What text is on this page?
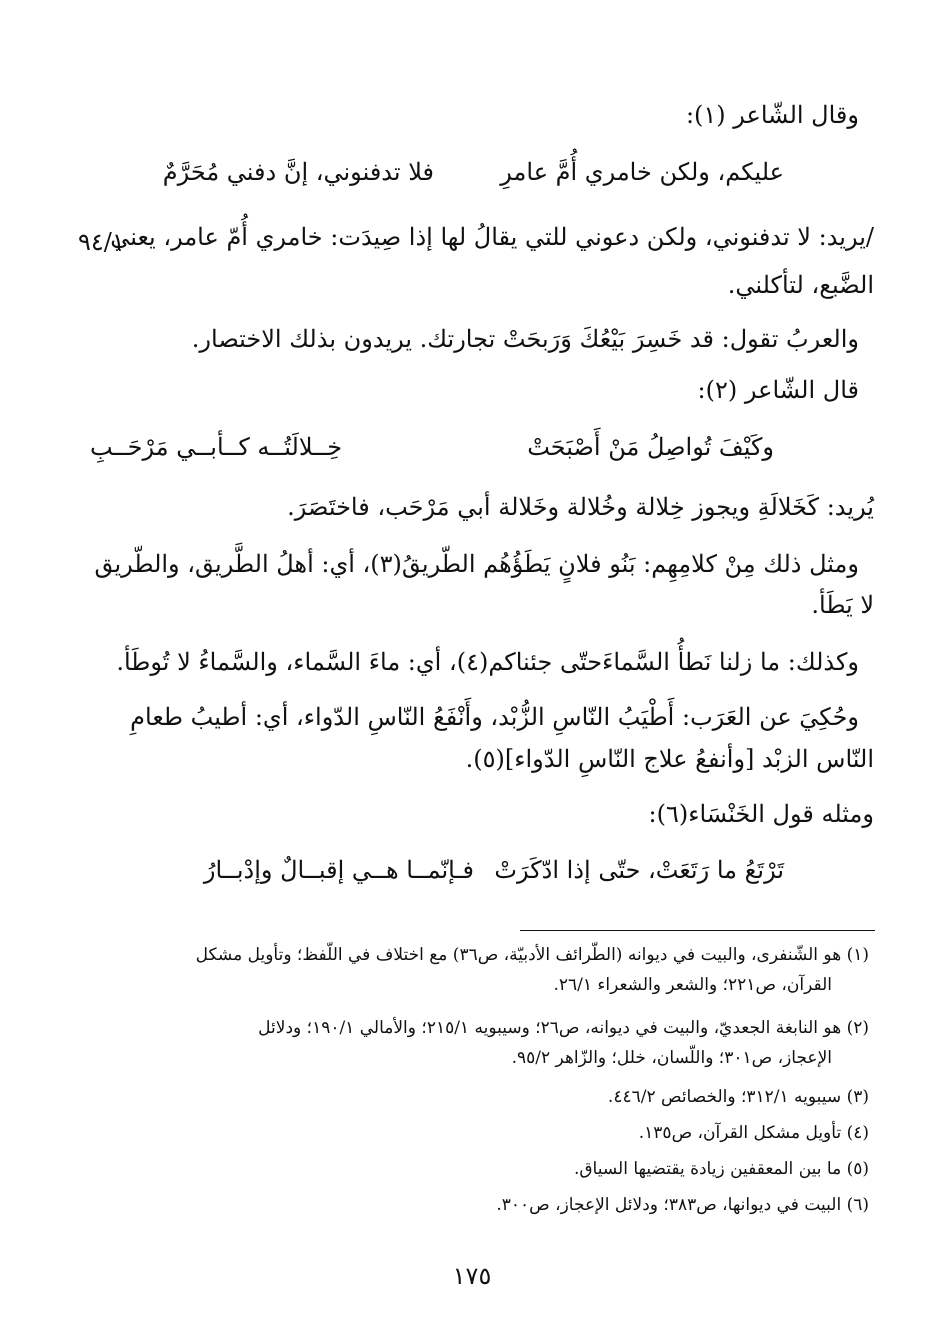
وقال الشّاعر (١):
فلا تدفنوني، إنَّ دفني مُحَرَّمٌ	عليكم، ولكن خامري أُمَّ عامرِ
/يريد: لا تدفنوني، ولكن دعوني للتي يقالُ لها إذا صِيدَت: خامري أُمّ عامر، يعني
٩٤/١
الضَّبع، لتأكلني.
والعربُ تقول: قد خَسِرَ بَيْعُكَ وَرَبحَتْ تجارتك. يريدون بذلك الاختصار.
قال الشّاعر (٢):
وكَيْفَ تُواصِلُ مَنْ أَصْبَحَتْ
خِــلالَتُــه كــأبــي مَرْحَــبِ
يُريد: كَخَلالَةِ ويجوز خِلالة وخُلالة وخَلالة أبي مَرْحَب، فاختَصَرَ.
ومثل ذلك مِنْ كلامِهِم: بَنُو فلانٍ يَطَؤُهُم الطّريقُ(٣)، أي: أهلُ الطَّريق، والطّريق
لا يَطَأ.
وكذلك: ما زلنا نَطأُ السَّماءَحتّى جئناكم(٤)، أي: ماءَ السَّماء، والسَّماءُ لا تُوطَأ.
وحُكِيَ عن العَرَب: أَطْيَبُ النّاسِ الزُّبْد، وأَنْفَعُ النّاسِ الدّواء، أي: أطيبُ طعامِ
النّاس الزبْد [وأنفعُ علاج النّاسِ الدّواء](٥).
ومثله قول الخَنْسَاء(٦):
تَرْتَعُ ما رَتَعَتْ، حتّى إذا ادّكَرَتْ
فـإنّمــا هــي إقبــالٌ وإدْبــارُ
(١) هو الشّنفرى، والبيت في ديوانه (الطّرائف الأدبيّة، ص٣٦) مع اختلاف في اللّفظ؛ وتأويل مشكل
القرآن، ص٢٢١؛ والشعر والشعراء ٢٦/١.
(٢) هو النابغة الجعديّ، والبيت في ديوانه، ص٢٦؛ وسيبويه ٢١٥/١؛ والأمالي ١٩٠/١؛ ودلائل
الإعجاز، ص٣٠١؛ واللّسان، خلل؛ والزّاهر ٩٥/٢.
(٣) سيبويه ٣١٢/١؛ والخصائص ٤٤٦/٢.
(٤) تأويل مشكل القرآن، ص١٣٥.
(٥) ما بين المعقفين زيادة يقتضيها السياق.
(٦) البيت في ديوانها، ص٣٨٣؛ ودلائل الإعجاز، ص٣٠٠.
١٧٥
